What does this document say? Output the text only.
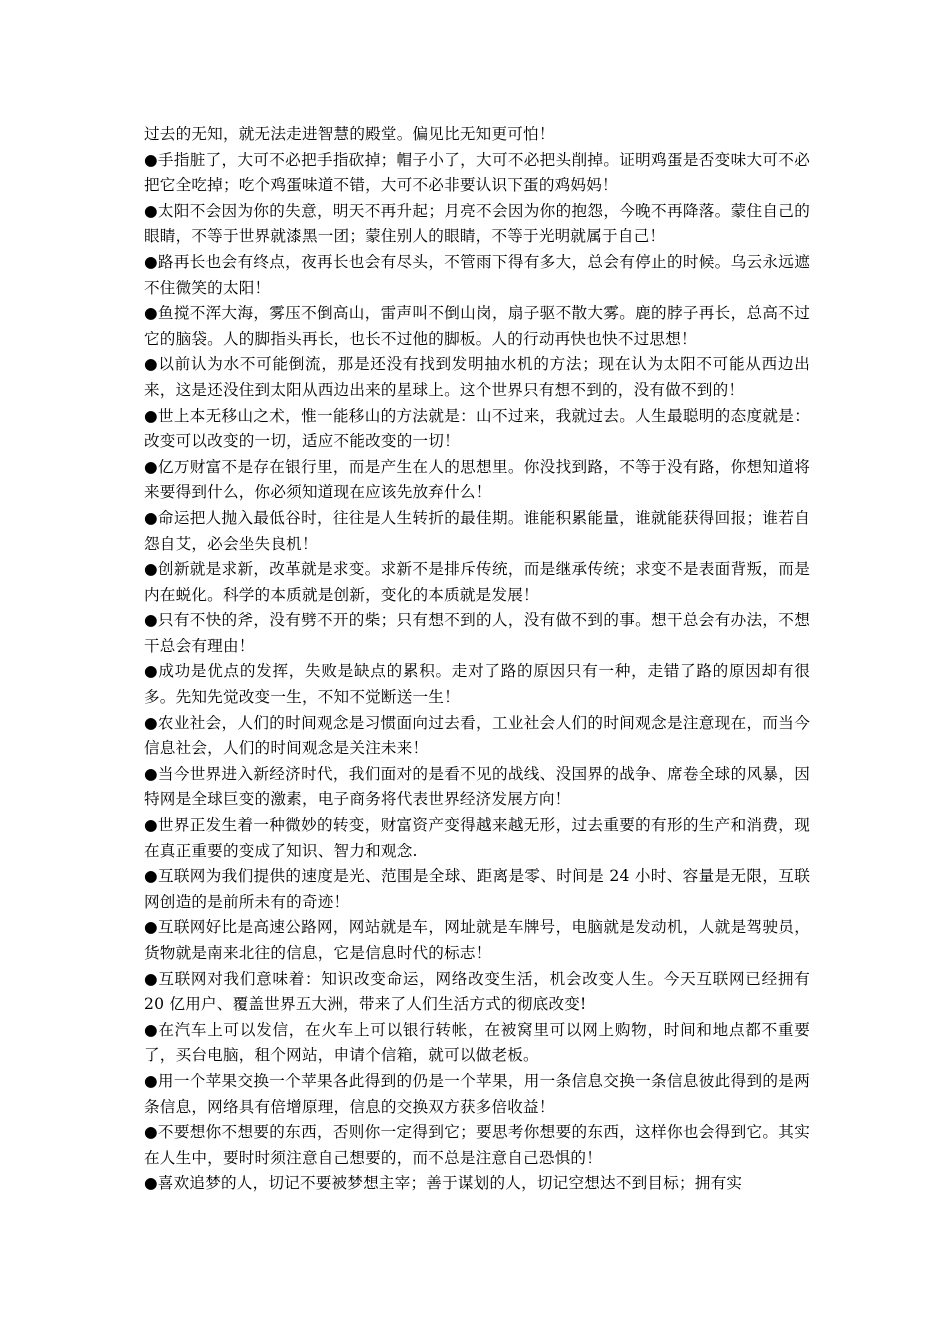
过去的无知，就无法走进智慧的殿堂。偏见比无知更可怕！

●手指脏了，大可不必把手指砍掉；帽子小了，大可不必把头削掉。证明鸡蛋是否变味大可不必把它全吃掉；吃个鸡蛋味道不错，大可不必非要认识下蛋的鸡妈妈！

●太阳不会因为你的失意，明天不再升起；月亮不会因为你的抱怨，今晚不再降落。蒙住自己的眼睛，不等于世界就漆黑一团；蒙住别人的眼睛，不等于光明就属于自己！

●路再长也会有终点，夜再长也会有尽头，不管雨下得有多大，总会有停止的时候。乌云永远遮不住微笑的太阳！

●鱼搅不浑大海，雾压不倒高山，雷声叫不倒山岗，扇子驱不散大雾。鹿的脖子再长，总高不过它的脑袋。人的脚指头再长，也长不过他的脚板。人的行动再快也快不过思想！

●以前认为水不可能倒流，那是还没有找到发明抽水机的方法；现在认为太阳不可能从西边出来，这是还没住到太阳从西边出来的星球上。这个世界只有想不到的，没有做不到的！

●世上本无移山之术，惟一能移山的方法就是：山不过来，我就过去。人生最聪明的态度就是：改变可以改变的一切，适应不能改变的一切！

●亿万财富不是存在银行里，而是产生在人的思想里。你没找到路，不等于没有路，你想知道将来要得到什么，你必须知道现在应该先放弃什么！

●命运把人抛入最低谷时，往往是人生转折的最佳期。谁能积累能量，谁就能获得回报；谁若自怨自艾，必会坐失良机！

●创新就是求新，改革就是求变。求新不是排斥传统，而是继承传统；求变不是表面背叛，而是内在蜕化。科学的本质就是创新，变化的本质就是发展！

●只有不快的斧，没有劈不开的柴；只有想不到的人，没有做不到的事。想干总会有办法，不想干总会有理由！

●成功是优点的发挥，失败是缺点的累积。走对了路的原因只有一种，走错了路的原因却有很多。先知先觉改变一生，不知不觉断送一生！

●农业社会，人们的时间观念是习惯面向过去看，工业社会人们的时间观念是注意现在，而当今信息社会，人们的时间观念是关注未来！

●当今世界进入新经济时代，我们面对的是看不见的战线、没国界的战争、席卷全球的风暴，因特网是全球巨变的激素，电子商务将代表世界经济发展方向！

●世界正发生着一种微妙的转变，财富资产变得越来越无形，过去重要的有形的生产和消费，现在真正重要的变成了知识、智力和观念.

●互联网为我们提供的速度是光、范围是全球、距离是零、时间是 24 小时、容量是无限，互联网创造的是前所未有的奇迹！

●互联网好比是高速公路网，网站就是车，网址就是车牌号，电脑就是发动机，人就是驾驶员，货物就是南来北往的信息，它是信息时代的标志！

●互联网对我们意味着：知识改变命运，网络改变生活，机会改变人生。今天互联网已经拥有 20 亿用户、覆盖世界五大洲，带来了人们生活方式的彻底改变!

●在汽车上可以发信，在火车上可以银行转帐，在被窝里可以网上购物，时间和地点都不重要了，买台电脑，租个网站，申请个信箱，就可以做老板。

●用一个苹果交换一个苹果各此得到的仍是一个苹果，用一条信息交换一条信息彼此得到的是两条信息，网络具有倍增原理，信息的交换双方获多倍收益！

●不要想你不想要的东西，否则你一定得到它；要思考你想要的东西，这样你也会得到它。其实在人生中，要时时须注意自己想要的，而不总是注意自己恐惧的！

●喜欢追梦的人，切记不要被梦想主宰；善于谋划的人，切记空想达不到目标；拥有实
